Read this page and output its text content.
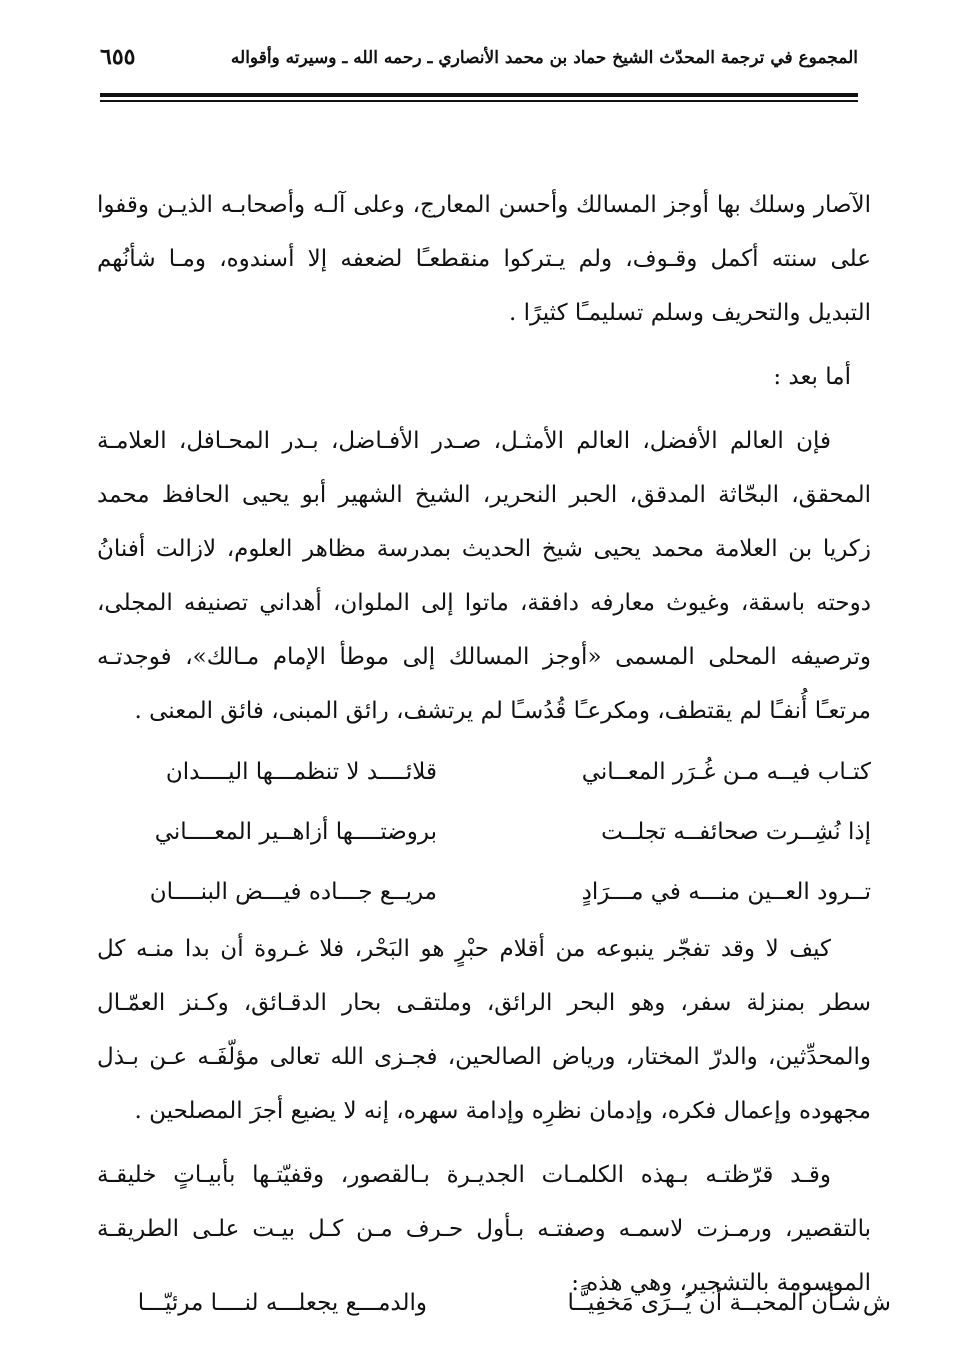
المجموع في ترجمة المحدّث الشيخ حماد بن محمد الأنصاري ـ رحمه الله ـ وسيرته وأقواله
٦٥٥

الآصار وسلك بها أوجز المسالك وأحسن المعارج، وعلى آلـه وأصحابـه الذيـن وقفوا على سنته أكمل وقـوف، ولم يـتركوا منقطعـًا لضعفه إلا أسندوه، ومـا شأنُهم التبديل والتحريف وسلم تسليمـًا كثيرًا .

أما بعد :

فإن العالم الأفضل، العالم الأمثـل، صـدر الأفـاضل، بـدر المحـافل، العلامـة المحقق، البحّاثة المدقق، الحبر النحرير، الشيخ الشهير أبو يحيى الحافظ محمد زكريا بن العلامة محمد يحيى شيخ الحديث بمدرسة مظاهر العلوم، لازالت أفنانُ دوحته باسقة، وغيوث معارفه دافقة، ماتوا إلى الملوان، أهداني تصنيفه المجلى، وترصيفه المحلى المسمى «أوجز المسالك إلى موطأ الإمام مـالك»، فوجدتـه مرتعـًا أُنفـًا لم يقتطف، ومكرعـًا قُدُسـًا لم يرتشف، رائق المبنى، فائق المعنى .

كتـاب فيــه مـن غُـرَر المعــاني
قلائــــد لا تنظمـــها اليــــدان
إذا نُشِــرت صحائفــه تجلــت
بروضتــــها أزاهــير المعــــاني
تــرود العــين منـــه في مـــرَادٍ
مريــع جـــاده فيـــض البنــــان

كيف لا وقد تفجّر ينبوعه من أقلام حبْرٍ هو البَحْر، فلا غـروة أن بدا منـه كل سطر بمنزلة سفر، وهو البحر الرائق، وملتقـى بحار الدقـائق، وكـنز العمّـال والمحدِّثين، والدرّ المختار، ورياض الصالحين، فجـزى الله تعالى مؤلّفَـه عـن بـذل مجهوده وإعمال فكره، وإدمان نظرِه وإدامة سهره، إنه لا يضيع أجرَ المصلحين .

وقـد قرّظتـه بـهذه الكلمـات الجديـرة بـالقصور، وقفيّتـها بأبيـاتٍ خليقـة بالتقصير، ورمـزت لاسمـه وصفتـه بـأول حـرف مـن كـل بيـت علـى الطريقـة الموسومة بالتشجير، وهي هذه :

ش
شـأن المحبــة أن يُــرَى مَخفِيـًّـا
والدمـــع يجعلـــه لنــــا مرئيّـــا
